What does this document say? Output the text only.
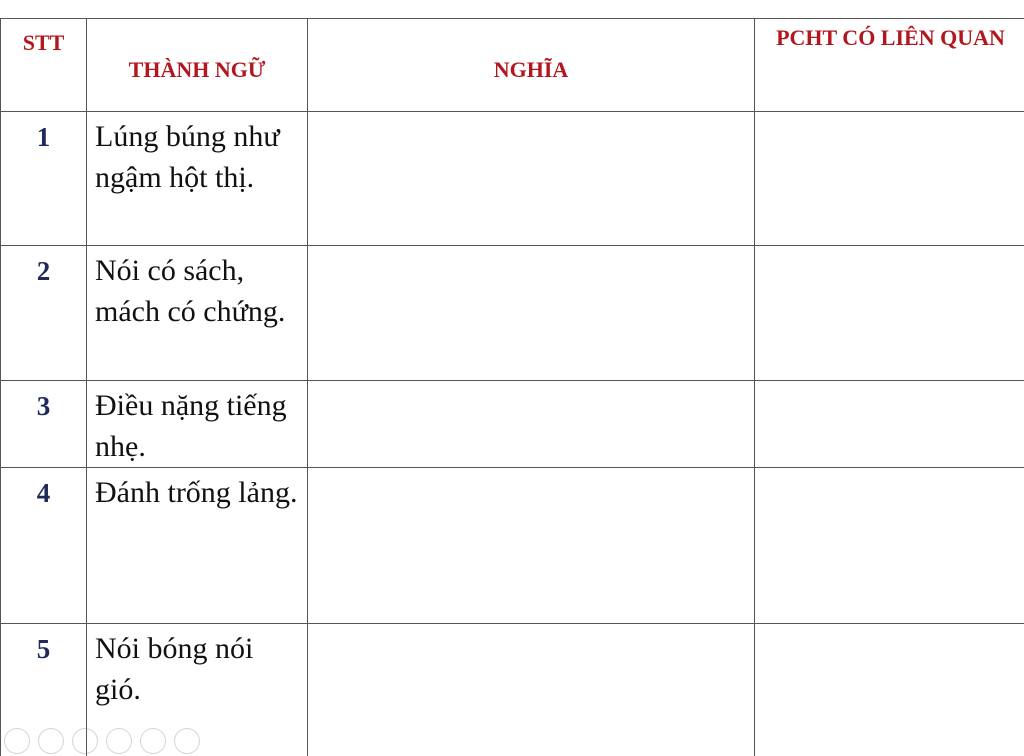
STT	THÀNH NGỮ	NGHĨA	PCHT CÓ LIÊN QUAN

1	Lúng búng như ngậm hột thị.		

2	Nói có sách, mách có chứng.		

3	Điều nặng tiếng nhẹ.		

4	Đánh trống lảng.		

5	Nói bóng nói gió.		
